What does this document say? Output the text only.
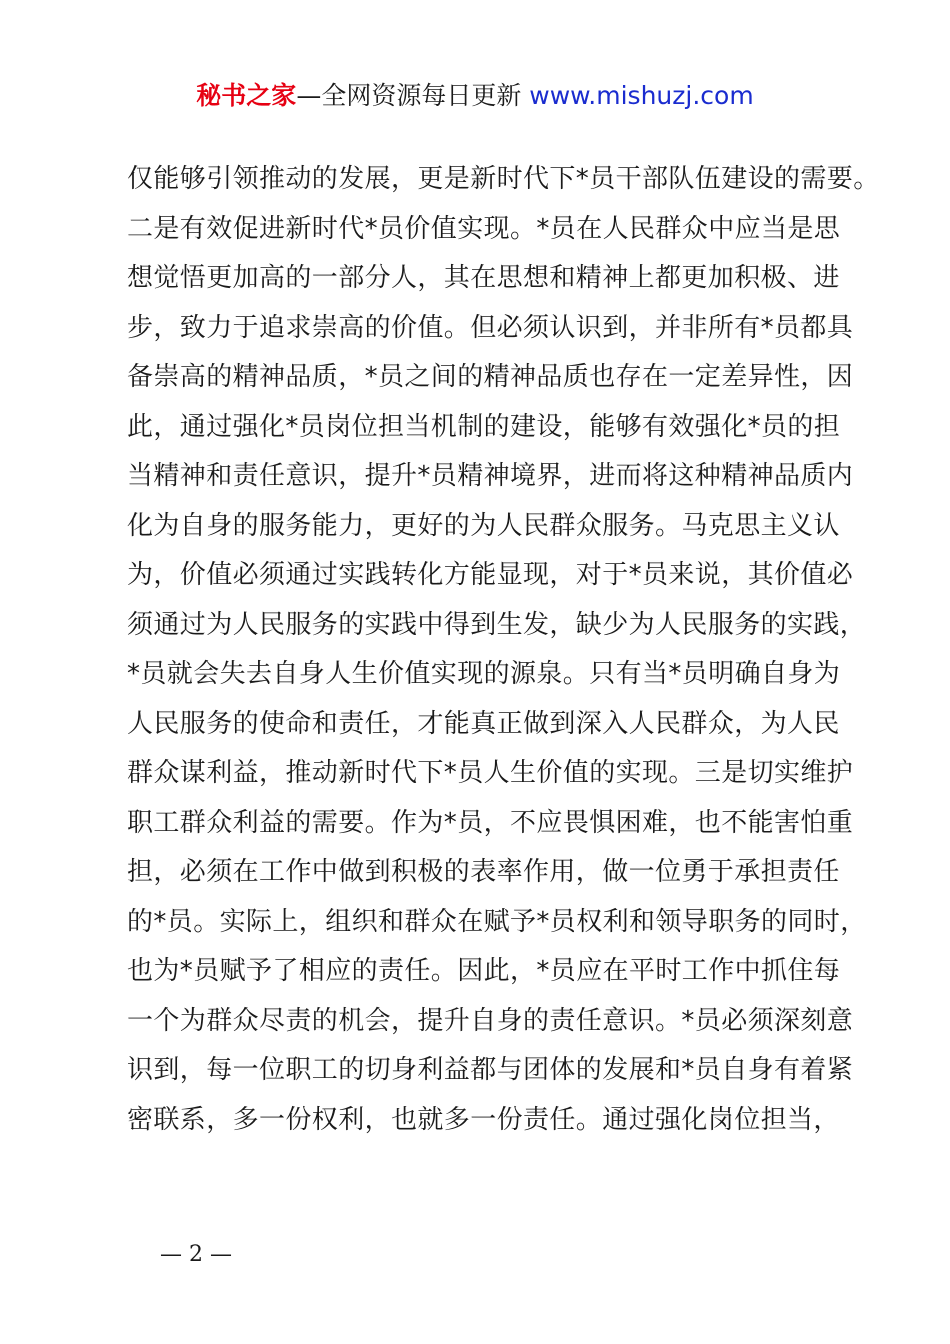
秘书之家—全网资源每日更新 www.mishuzj.com
仅能够引领推动的发展，更是新时代下*员干部队伍建设的需要。
二是有效促进新时代*员价值实现。*员在人民群众中应当是思
想觉悟更加高的一部分人，其在思想和精神上都更加积极、进
步，致力于追求崇高的价值。但必须认识到，并非所有*员都具
备崇高的精神品质，*员之间的精神品质也存在一定差异性，因
此，通过强化*员岗位担当机制的建设，能够有效强化*员的担
当精神和责任意识，提升*员精神境界，进而将这种精神品质内
化为自身的服务能力，更好的为人民群众服务。马克思主义认
为，价值必须通过实践转化方能显现，对于*员来说，其价值必
须通过为人民服务的实践中得到生发，缺少为人民服务的实践，
*员就会失去自身人生价值实现的源泉。只有当*员明确自身为
人民服务的使命和责任，才能真正做到深入人民群众，为人民
群众谋利益，推动新时代下*员人生价值的实现。三是切实维护
职工群众利益的需要。作为*员，不应畏惧困难，也不能害怕重
担，必须在工作中做到积极的表率作用，做一位勇于承担责任
的*员。实际上，组织和群众在赋予*员权利和领导职务的同时，
也为*员赋予了相应的责任。因此，*员应在平时工作中抓住每
一个为群众尽责的机会，提升自身的责任意识。*员必须深刻意
识到，每一位职工的切身利益都与团体的发展和*员自身有着紧
密联系，多一份权利，也就多一份责任。通过强化岗位担当，
— 2 —
